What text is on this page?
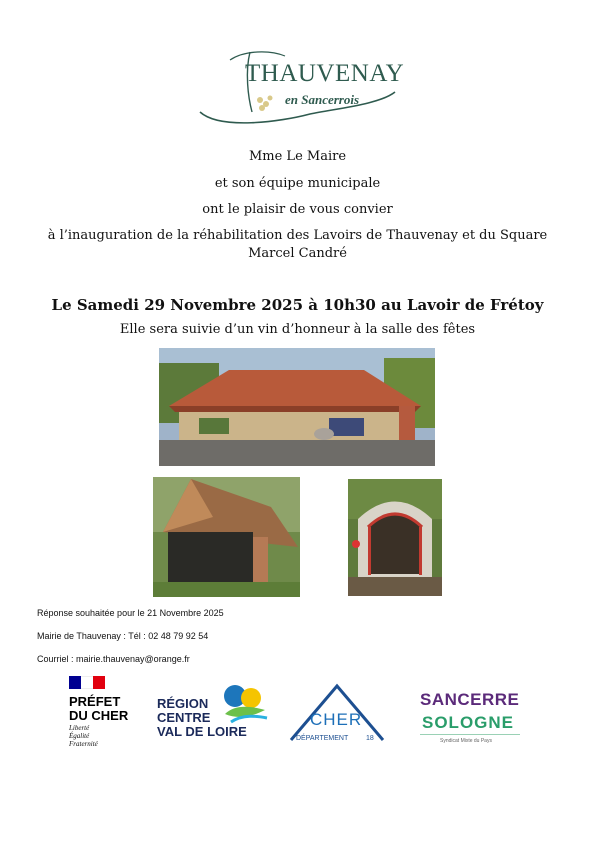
THAUVENAY
en Sancerrois
Mme Le Maire
et son équipe municipale
ont le plaisir de vous convier
à l’inauguration de la réhabilitation des Lavoirs de Thauvenay et du Square
Marcel Candré
Le Samedi 29 Novembre 2025 à 10h30 au Lavoir de Frétoy
Elle sera suivie d’un vin d’honneur à la salle des fêtes
Réponse souhaitée pour le 21 Novembre 2025
Mairie de Thauvenay : Tél : 02 48 79 92 54
Courriel : mairie.thauvenay@orange.fr
PRÉFET
DU CHER
Liberté
Égalité
Fraternité
RÉGION
CENTRE
VAL DE LOIRE
CHER
DÉPARTEMENT	18
SANCERRE
SOLOGNE
Syndicat Mixte du Pays
